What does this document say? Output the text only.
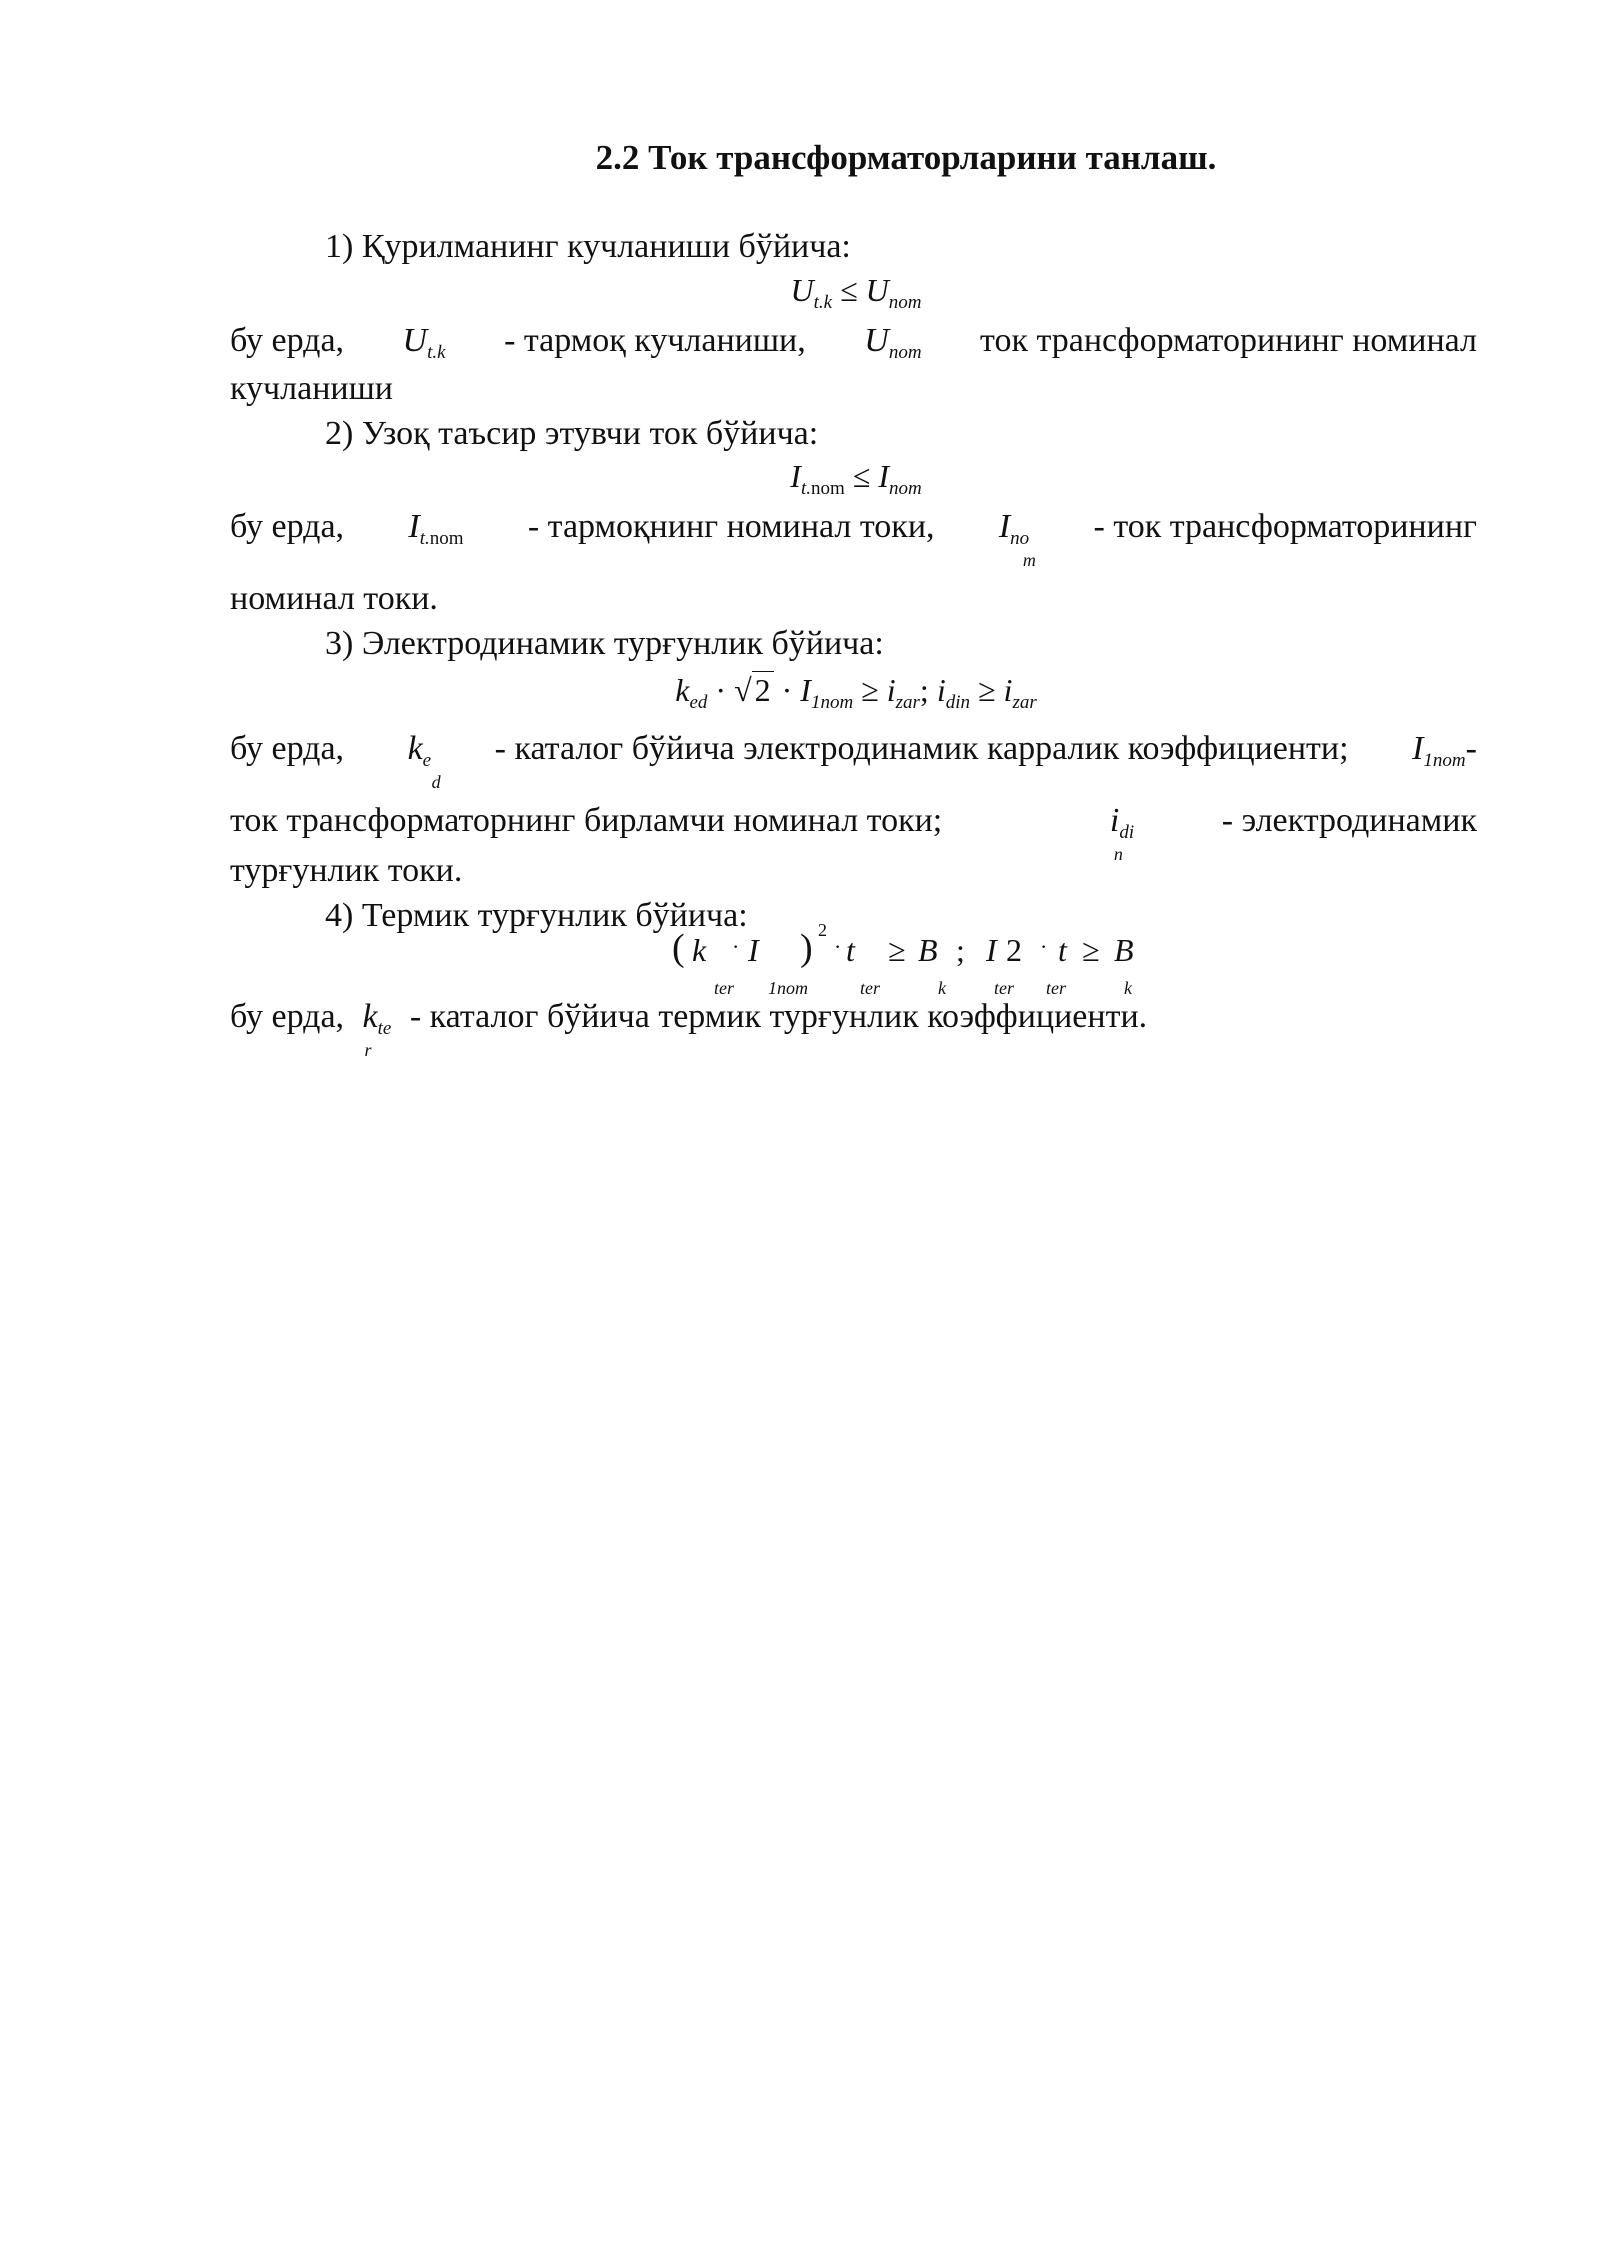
2.2 Ток трансформаторларини танлаш.
1) Қурилманинг кучланиши бўйича:
$U_{t.k} \le U_{nom}$
бу ерда, $U_{t.k}$ - тармоқ кучланиши, $U_{nom}$ ток трансформаторининг номинал
кучланиши
2) Узоқ таъсир этувчи ток бўйича:
$I_{t.nom} \le I_{nom}$
бу ерда, $I_{t.nom}$ - тармоқнинг номинал токи, $I_{no}$
m
- ток трансформаторининг
номинал токи.
3) Электродинамик турғунлик бўйича:
$k_{ed} \cdot √2 \cdot I_{1nom} \ge i_{zar}$; $i_{din} \ge i_{zar}$
бу ерда, $k_e$
d
- каталог бўйича электродинамик карралик коэффициенти; $I_{1nom}-$
ток трансформаторнинг бирламчи номинал токи;	$i_{di}$
n
- электродинамик
турғунлик токи.
4) Термик турғунлик бўйича:
( k · I ) 2
· t ≥ B ; I 2 · t ≥ B
ter 1nom	ter	k	ter ter	k
бу ерда, $k_{te}$
r
- каталог бўйича термик турғунлик коэффициенти.
